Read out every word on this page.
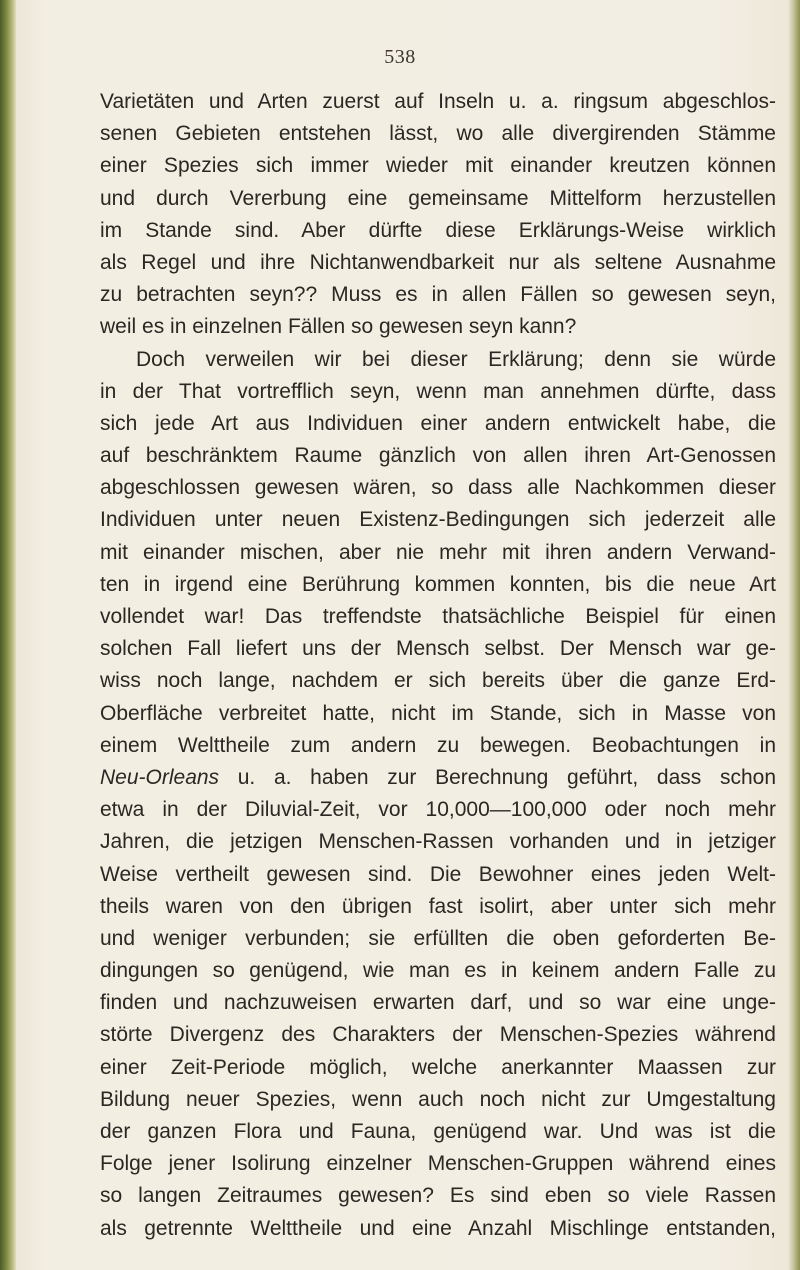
538
Varietäten und Arten zuerst auf Inseln u. a. ringsum abgeschlos-
senen Gebieten entstehen lässt, wo alle divergirenden Stämme
einer Spezies sich immer wieder mit einander kreutzen können
und durch Vererbung eine gemeinsame Mittelform herzustellen
im Stande sind. Aber dürfte diese Erklärungs-Weise wirklich
als Regel und ihre Nichtanwendbarkeit nur als seltene Ausnahme
zu betrachten seyn?? Muss es in allen Fällen so gewesen seyn,
weil es in einzelnen Fällen so gewesen seyn kann?
Doch verweilen wir bei dieser Erklärung; denn sie würde
in der That vortrefflich seyn, wenn man annehmen dürfte, dass
sich jede Art aus Individuen einer andern entwickelt habe, die
auf beschränktem Raume gänzlich von allen ihren Art-Genossen
abgeschlossen gewesen wären, so dass alle Nachkommen dieser
Individuen unter neuen Existenz-Bedingungen sich jederzeit alle
mit einander mischen, aber nie mehr mit ihren andern Verwand-
ten in irgend eine Berührung kommen konnten, bis die neue Art
vollendet war! Das treffendste thatsächliche Beispiel für einen
solchen Fall liefert uns der Mensch selbst. Der Mensch war ge-
wiss noch lange, nachdem er sich bereits über die ganze Erd-
Oberfläche verbreitet hatte, nicht im Stande, sich in Masse von
einem Welttheile zum andern zu bewegen. Beobachtungen in
Neu-Orleans u. a. haben zur Berechnung geführt, dass schon
etwa in der Diluvial-Zeit, vor 10,000—100,000 oder noch mehr
Jahren, die jetzigen Menschen-Rassen vorhanden und in jetziger
Weise vertheilt gewesen sind. Die Bewohner eines jeden Welt-
theils waren von den übrigen fast isolirt, aber unter sich mehr
und weniger verbunden; sie erfüllten die oben geforderten Be-
dingungen so genügend, wie man es in keinem andern Falle zu
finden und nachzuweisen erwarten darf, und so war eine unge-
störte Divergenz des Charakters der Menschen-Spezies während
einer Zeit-Periode möglich, welche anerkannter Maassen zur
Bildung neuer Spezies, wenn auch noch nicht zur Umgestaltung
der ganzen Flora und Fauna, genügend war. Und was ist die
Folge jener Isolirung einzelner Menschen-Gruppen während eines
so langen Zeitraumes gewesen? Es sind eben so viele Rassen
als getrennte Welttheile und eine Anzahl Mischlinge entstanden,
